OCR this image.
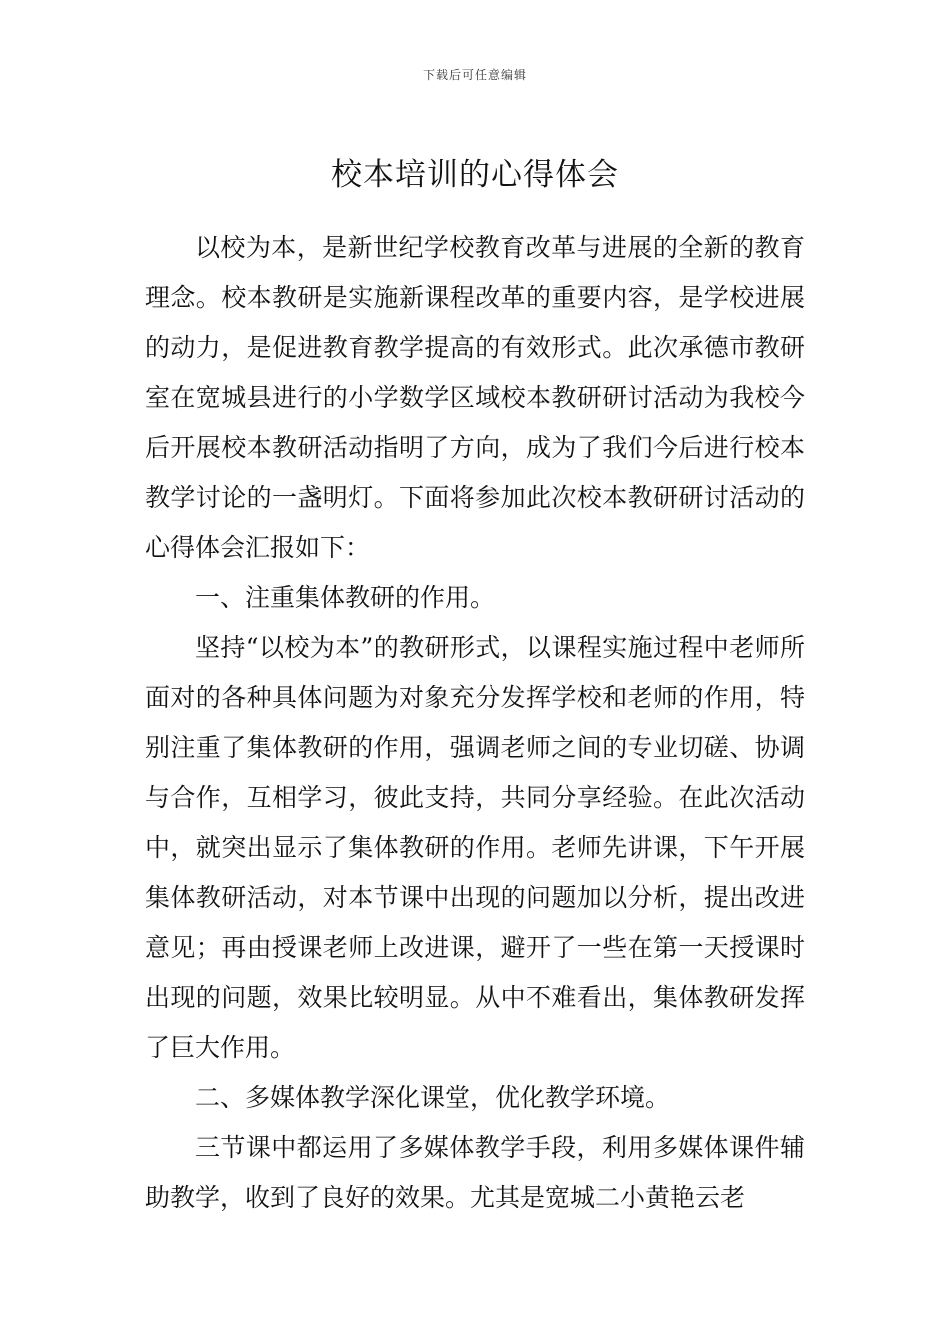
下载后可任意编辑
校本培训的心得体会

以校为本，是新世纪学校教育改革与进展的全新的教育理念。校本教研是实施新课程改革的重要内容，是学校进展的动力，是促进教育教学提高的有效形式。此次承德市教研室在宽城县进行的小学数学区域校本教研研讨活动为我校今后开展校本教研活动指明了方向，成为了我们今后进行校本教学讨论的一盏明灯。下面将参加此次校本教研研讨活动的心得体会汇报如下：

一、注重集体教研的作用。

坚持“以校为本”的教研形式，以课程实施过程中老师所面对的各种具体问题为对象充分发挥学校和老师的作用，特别注重了集体教研的作用，强调老师之间的专业切磋、协调与合作，互相学习，彼此支持，共同分享经验。在此次活动中，就突出显示了集体教研的作用。老师先讲课，下午开展集体教研活动，对本节课中出现的问题加以分析，提出改进意见；再由授课老师上改进课，避开了一些在第一天授课时出现的问题，效果比较明显。从中不难看出，集体教研发挥了巨大作用。

二、多媒体教学深化课堂，优化教学环境。

三节课中都运用了多媒体教学手段，利用多媒体课件辅助教学，收到了良好的效果。尤其是宽城二小黄艳云老
